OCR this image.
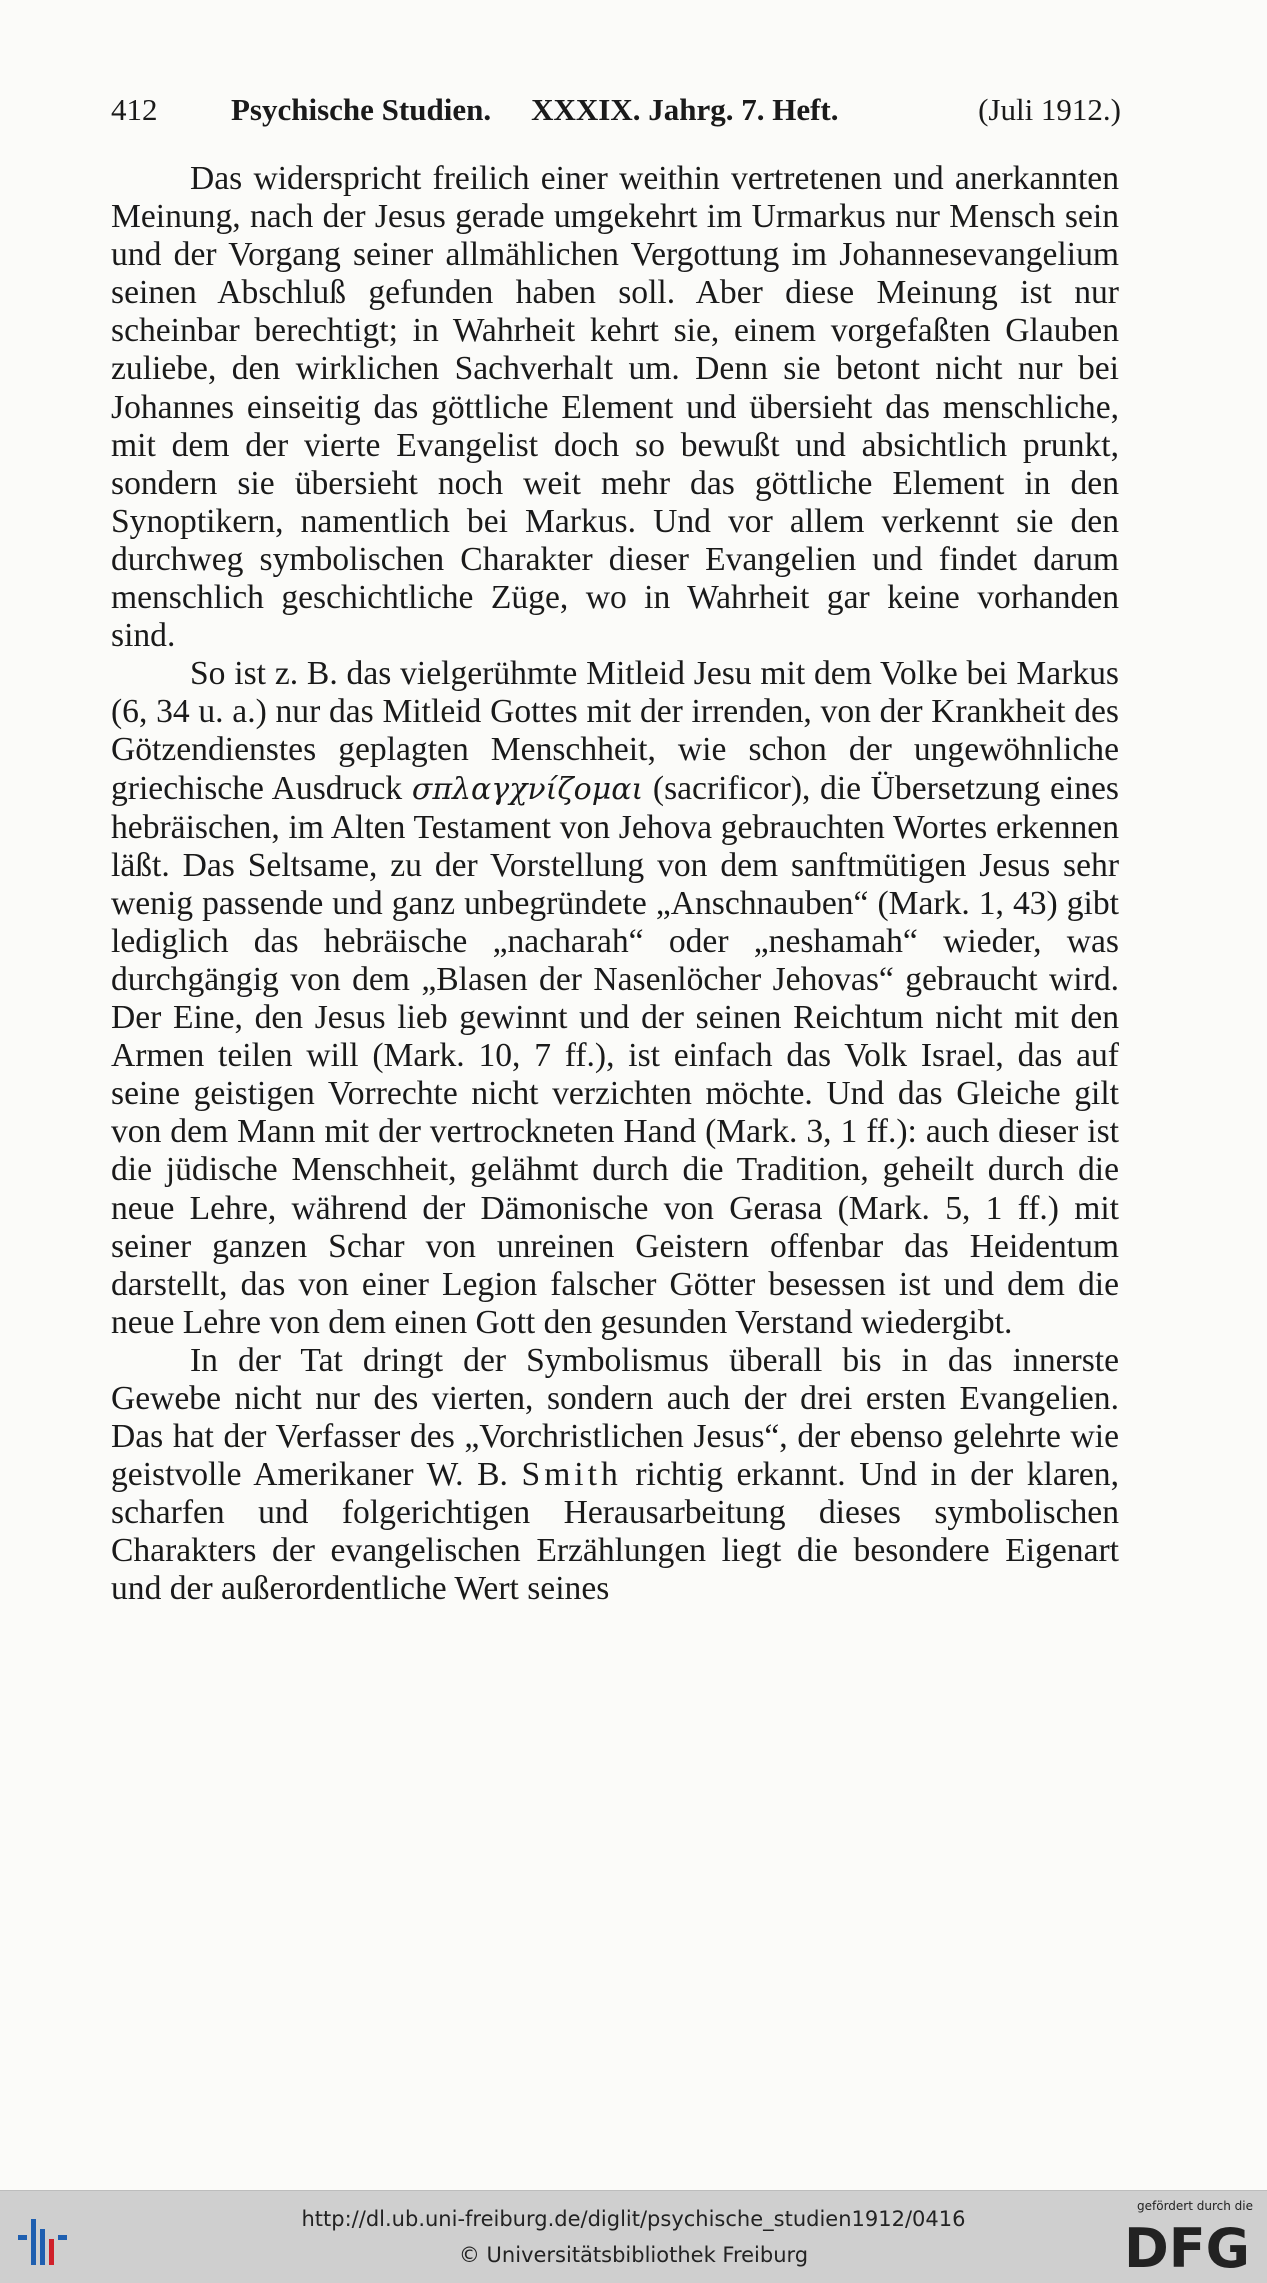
412	Psychische Studien. XXXIX. Jahrg. 7. Heft.	(Juli 1912.)

Das widerspricht freilich einer weithin vertretenen und anerkannten Meinung, nach der Jesus gerade umgekehrt im Urmarkus nur Mensch sein und der Vorgang seiner allmählichen Vergottung im Johannesevangelium seinen Abschluß gefunden haben soll. Aber diese Meinung ist nur scheinbar berechtigt; in Wahrheit kehrt sie, einem vorgefaßten Glauben zuliebe, den wirklichen Sachverhalt um. Denn sie betont nicht nur bei Johannes einseitig das göttliche Element und übersieht das menschliche, mit dem der vierte Evangelist doch so bewußt und absichtlich prunkt, sondern sie übersieht noch weit mehr das göttliche Element in den Synoptikern, namentlich bei Markus. Und vor allem verkennt sie den durchweg symbolischen Charakter dieser Evangelien und findet darum menschlich geschichtliche Züge, wo in Wahrheit gar keine vorhanden sind.

So ist z. B. das vielgerühmte Mitleid Jesu mit dem Volke bei Markus (6, 34 u. a.) nur das Mitleid Gottes mit der irrenden, von der Krankheit des Götzendienstes geplagten Menschheit, wie schon der ungewöhnliche griechische Ausdruck σπλαγχνίζομαι (sacrificor), die Übersetzung eines hebräischen, im Alten Testament von Jehova gebrauchten Wortes erkennen läßt. Das Seltsame, zu der Vorstellung von dem sanftmütigen Jesus sehr wenig passende und ganz unbegründete „Anschnauben“ (Mark. 1, 43) gibt lediglich das hebräische „nacharah“ oder „neshamah“ wieder, was durchgängig von dem „Blasen der Nasenlöcher Jehovas“ gebraucht wird. Der Eine, den Jesus lieb gewinnt und der seinen Reichtum nicht mit den Armen teilen will (Mark. 10, 7 ff.), ist einfach das Volk Israel, das auf seine geistigen Vorrechte nicht verzichten möchte. Und das Gleiche gilt von dem Mann mit der vertrockneten Hand (Mark. 3, 1 ff.): auch dieser ist die jüdische Menschheit, gelähmt durch die Tradition, geheilt durch die neue Lehre, während der Dämonische von Gerasa (Mark. 5, 1 ff.) mit seiner ganzen Schar von unreinen Geistern offenbar das Heidentum darstellt, das von einer Legion falscher Götter besessen ist und dem die neue Lehre von dem einen Gott den gesunden Verstand wiedergibt.

In der Tat dringt der Symbolismus überall bis in das innerste Gewebe nicht nur des vierten, sondern auch der drei ersten Evangelien. Das hat der Verfasser des „Vorchristlichen Jesus“, der ebenso gelehrte wie geistvolle Amerikaner W. B. Smith richtig erkannt. Und in der klaren, scharfen und folgerichtigen Herausarbeitung dieses symbolischen Charakters der evangelischen Erzählungen liegt die besondere Eigenart und der außerordentliche Wert seines

http://dl.ub.uni-freiburg.de/diglit/psychische_studien1912/0416
© Universitätsbibliothek Freiburg
gefördert durch die
DFG
